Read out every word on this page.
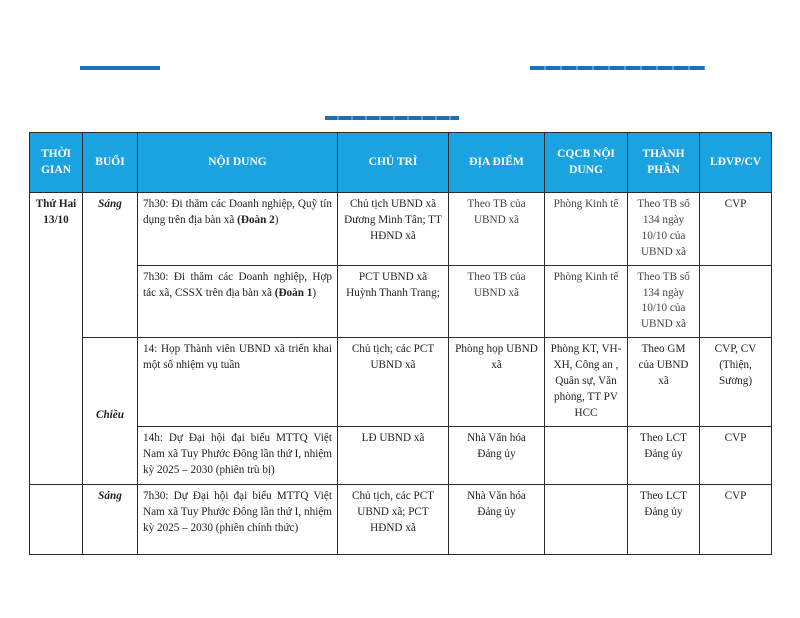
THỜI GIAN	BUỔI	NỘI DUNG	CHỦ TRÌ	ĐỊA ĐIỂM	CQCB NỘI DUNG	THÀNH PHẦN	LĐVP/CV
Thứ Hai 13/10	Sáng	7h30: Đi thăm các Doanh nghiệp, Quỹ tín dụng trên địa bàn xã (Đoàn 2)	Chủ tịch UBND xã Dương Minh Tân; TT HĐND xã	Theo TB của UBND xã	Phòng Kinh tế	Theo TB số 134 ngày 10/10 của UBND xã	CVP
		7h30: Đi thăm các Doanh nghiệp, Hợp tác xã, CSSX trên địa bàn xã (Đoàn 1)	PCT UBND xã Huỳnh Thanh Trang;	Theo TB của UBND xã	Phòng Kinh tế	Theo TB số 134 ngày 10/10 của UBND xã	
	Chiều	14: Họp Thành viên UBND xã triển khai một số nhiệm vụ tuần	Chủ tịch; các PCT UBND xã	Phòng họp UBND xã	Phòng KT, VH-XH, Công an , Quân sự, Văn phòng, TT PV HCC	Theo GM của UBND xã	CVP, CV (Thiện, Sương)
		14h: Dự Đại hội đại biểu MTTQ Việt Nam xã Tuy Phước Đông lần thứ I, nhiệm kỳ 2025 – 2030 (phiên trù bị)	LĐ UBND xã	Nhà Văn hóa Đảng ủy		Theo LCT Đảng ủy	CVP
	Sáng	7h30: Dự Đại hội đại biểu MTTQ Việt Nam xã Tuy Phước Đông lần thứ I, nhiệm kỳ 2025 – 2030 (phiên chính thức)	Chủ tịch, các PCT UBND xã; PCT HĐND xã	Nhà Văn hóa Đảng ủy		Theo LCT Đảng ủy	CVP
